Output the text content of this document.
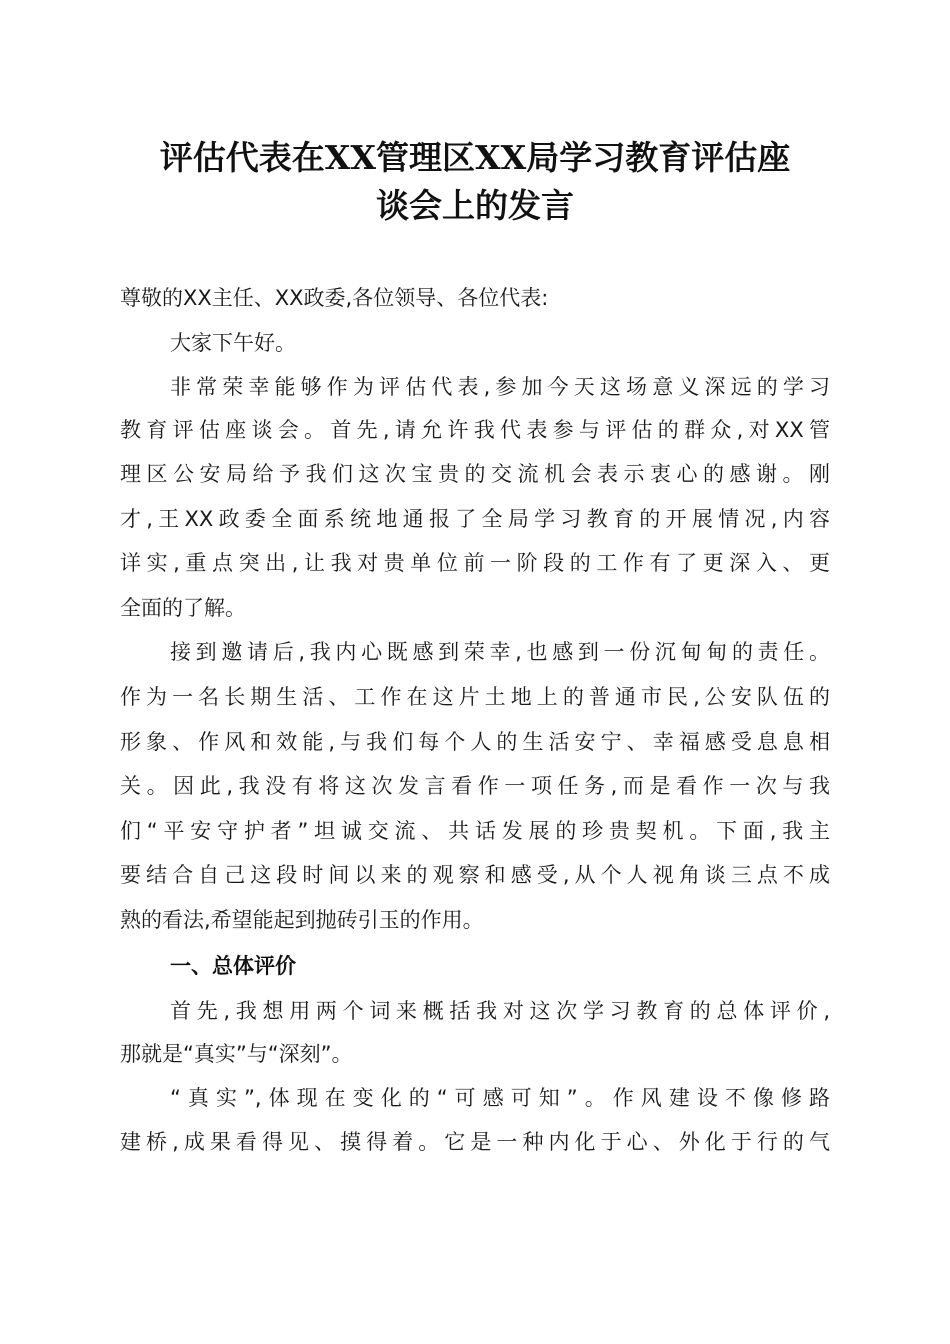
评估代表在XX管理区XX局学习教育评估座
谈会上的发言
尊敬的XX主任、XX政委,各位领导、各位代表:
大家下午好。
非常荣幸能够作为评估代表,参加今天这场意义深远的学习
教育评估座谈会。首先,请允许我代表参与评估的群众,对XX管
理区公安局给予我们这次宝贵的交流机会表示衷心的感谢。刚
才,王XX政委全面系统地通报了全局学习教育的开展情况,内容
详实,重点突出,让我对贵单位前一阶段的工作有了更深入、更
全面的了解。
接到邀请后,我内心既感到荣幸,也感到一份沉甸甸的责任。
作为一名长期生活、工作在这片土地上的普通市民,公安队伍的
形象、作风和效能,与我们每个人的生活安宁、幸福感受息息相
关。因此,我没有将这次发言看作一项任务,而是看作一次与我
们“平安守护者”坦诚交流、共话发展的珍贵契机。下面,我主
要结合自己这段时间以来的观察和感受,从个人视角谈三点不成
熟的看法,希望能起到抛砖引玉的作用。
一、总体评价
首先,我想用两个词来概括我对这次学习教育的总体评价,
那就是“真实”与“深刻”。
“真实”,体现在变化的“可感可知”。作风建设不像修路
建桥,成果看得见、摸得着。它是一种内化于心、外化于行的气
